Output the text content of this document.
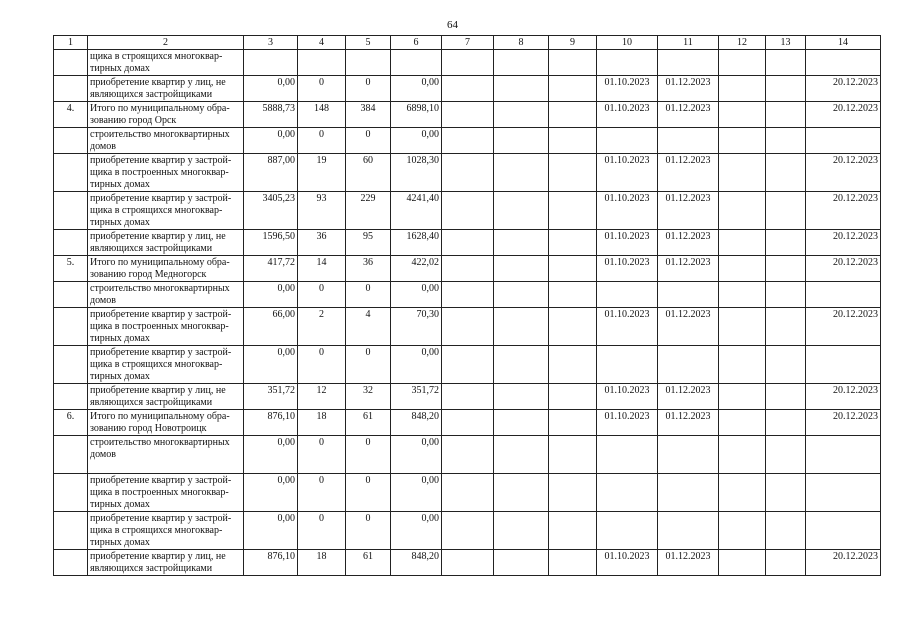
64
1	2	3	4	5	6	7	8	9	10	11	12	13	14
	щика в строящихся многоквар-тирных домах												
	приобретение квартир у лиц, не являющихся застройщиками	0,00	0	0	0,00				01.10.2023	01.12.2023			20.12.2023
4.	Итого по муниципальному обра-зованию город Орск	5888,73	148	384	6898,10				01.10.2023	01.12.2023			20.12.2023
	строительство многоквартирных домов	0,00	0	0	0,00								
	приобретение квартир у застрой-щика в построенных многоквар-тирных домах	887,00	19	60	1028,30				01.10.2023	01.12.2023			20.12.2023
	приобретение квартир у застрой-щика в строящихся многоквар-тирных домах	3405,23	93	229	4241,40				01.10.2023	01.12.2023			20.12.2023
	приобретение квартир у лиц, не являющихся застройщиками	1596,50	36	95	1628,40				01.10.2023	01.12.2023			20.12.2023
5.	Итого по муниципальному обра-зованию город Медногорск	417,72	14	36	422,02				01.10.2023	01.12.2023			20.12.2023
	строительство многоквартирных домов	0,00	0	0	0,00								
	приобретение квартир у застрой-щика в построенных многоквар-тирных домах	66,00	2	4	70,30				01.10.2023	01.12.2023			20.12.2023
	приобретение квартир у застрой-щика в строящихся многоквар-тирных домах	0,00	0	0	0,00								
	приобретение квартир у лиц, не являющихся застройщиками	351,72	12	32	351,72				01.10.2023	01.12.2023			20.12.2023
6.	Итого по муниципальному обра-зованию город Новотроицк	876,10	18	61	848,20				01.10.2023	01.12.2023			20.12.2023
	строительство многоквартирных домов	0,00	0	0	0,00								
	приобретение квартир у застрой-щика в построенных многоквар-тирных домах	0,00	0	0	0,00								
	приобретение квартир у застрой-щика в строящихся многоквар-тирных домах	0,00	0	0	0,00								
	приобретение квартир у лиц, не являющихся застройщиками	876,10	18	61	848,20				01.10.2023	01.12.2023			20.12.2023
